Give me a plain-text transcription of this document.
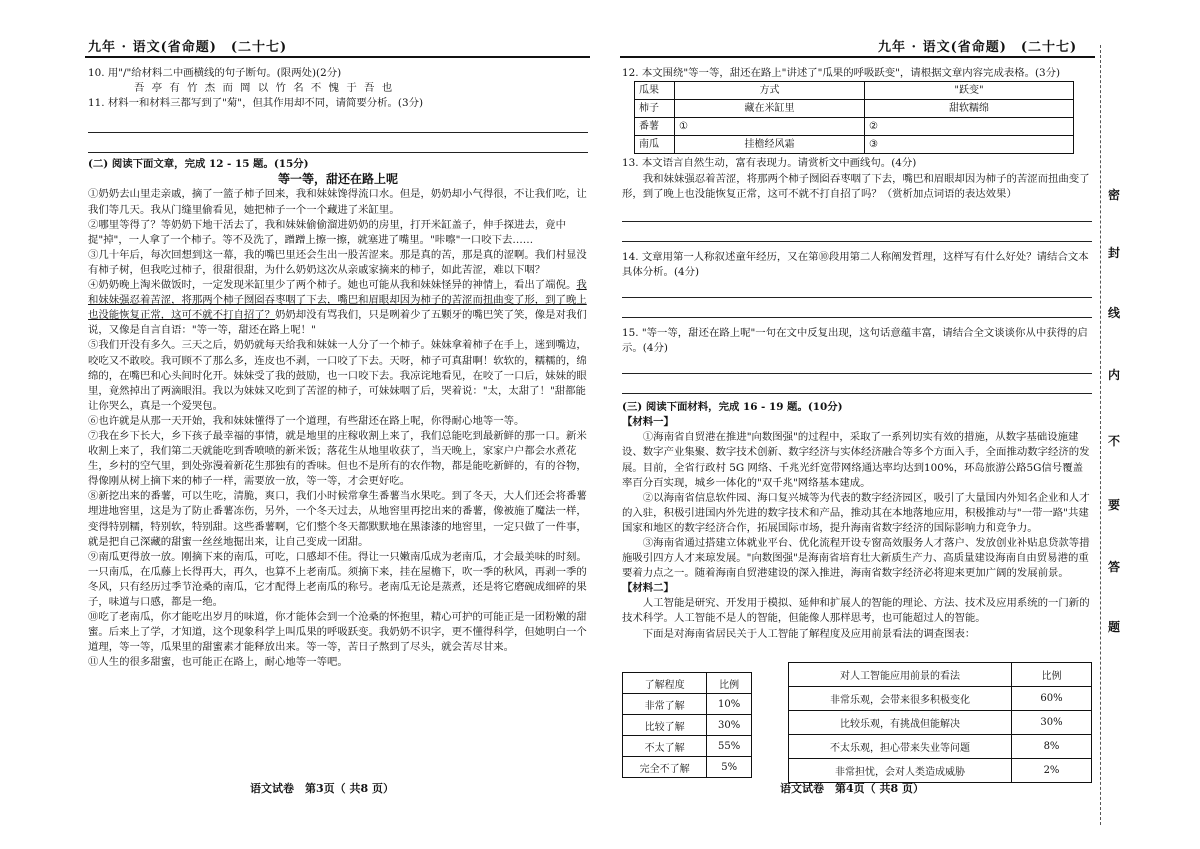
九年 · 语文(省命题)　(二十七)

10. 用"/"给材料二中画横线的句子断句。(限两处)(2分)

吾 亭 有 竹 杰 而 岡 以 竹 名 不 愧 于 吾 也

11. 材料一和材料三都写到了"菊"，但其作用却不同，请简要分析。(3分)

(二) 阅读下面文章，完成 12 - 15 题。(15分)

等一等，甜还在路上呢

①奶奶去山里走亲戚，摘了一篮子柿子回来，我和妹妹馋得流口水。但是，奶奶却小气得很，不让我们吃，让我们等几天。我从门缝里偷看见，她把柿子一个一个藏进了米缸里。

②哪里等得了？等奶奶下地干活去了，我和妹妹偷偷溜进奶奶的房里，打开米缸盖子，伸手探进去，竟中捉"掉"，一人拿了一个柿子。等不及洗了，蹭蹭上擦一擦，就塞进了嘴里。"咔嚓"一口咬下去……

③几十年后，每次回想到这一幕，我的嘴巴里还会生出一股苦涩来。那是真的苦，那是真的涩啊。我们村显没有柿子树，但我吃过柿子，很甜很甜，为什么奶奶这次从亲戚家摘来的柿子，如此苦涩，难以下咽？

④奶奶晚上淘米做饭时，一定发现米缸里少了两个柿子。她也可能从我和妹妹怪异的神情上，看出了端倪。我和妹妹强忍着苦涩，将那两个柿子囫囵吞枣咽了下去，嘴巴和眉眼却因为柿子的苦涩而扭曲变了形，到了晚上也没能恢复正常，这可不就不打自招了？奶奶却没有骂我们，只是咧着少了五颗牙的嘴巴笑了笑，像是对我们说，又像是自言自语："等一等，甜还在路上呢！"

⑤我们开没有多久。三天之后，奶奶就每天给我和妹妹一人分了一个柿子。妹妹拿着柿子在手上，迷到嘴边，咬吃又不敢咬。我可顾不了那么多，连皮也不剥，一口咬了下去。天呀，柿子可真甜啊！软软的，糯糯的，绵绵的，在嘴巴和心头间时化开。妹妹受了我的鼓励，也一口咬下去。我凉诧地看见，在咬了一口后，妹妹的眼里，竟然掉出了两滴眼泪。我以为妹妹又吃到了苦涩的柿子，可妹妹咽了后，哭着说："太，太甜了！"甜都能让你哭么，真是一个爱哭包。

⑥也许就是从那一天开始，我和妹妹懂得了一个道理，有些甜还在路上呢，你得耐心地等一等。

⑦我在乡下长大，乡下孩子最幸福的事情，就是地里的庄稼收割上来了，我们总能吃到最新鲜的那一口。新米收割上来了，我们第二天就能吃到香喷喷的新米饭；落花生从地里收获了，当天晚上，家家户户都会水煮花生，乡村的空气里，到处弥漫着新花生那独有的香味。但也不是所有的农作物，都是能吃新鲜的，有的谷物，得像刚从树上摘下来的柿子一样，需要放一放，等一等，才会更好吃。

⑧新挖出来的番薯，可以生吃，清脆，爽口，我们小时候常拿生番薯当水果吃。到了冬天，大人们还会将番薯埋进地窖里，这是为了防止番薯冻伤，另外，一个冬天过去，从地窖里再挖出来的番薯，像被施了魔法一样，变得特别糯，特别软，特别甜。这些番薯啊，它们整个冬天都默默地在黑漆漆的地窖里，一定只做了一件事，就是把自己深藏的甜蜜一丝丝地掘出来，让自己变成一团甜。

⑨南瓜更得放一放。刚摘下来的南瓜，可吃，口感却不佳。得让一只嫩南瓜成为老南瓜，才会最美味的时刻。一只南瓜，在瓜藤上长得再大，再久，也算不上老南瓜。须摘下来，挂在屋檐下，吹一季的秋风，再剥一季的冬风，只有经历过季节沧桑的南瓜，它才配得上老南瓜的称号。老南瓜无论是蒸煮，还是将它磨碗成细碎的果子，味道与口感，都是一绝。

⑩吃了老南瓜，你才能吃出岁月的味道，你才能体会到一个沧桑的怀抱里，精心可护的可能正是一团粉嫩的甜蜜。后来上了学，才知道，这个现象科学上叫瓜果的呼吸跃变。我奶奶不识字，更不懂得科学，但她明白一个道理，等一等，瓜果里的甜蜜素才能释放出来。等一等，苦日子熬到了尽头，就会苦尽甘来。

⑪人生的很多甜蜜，也可能正在路上，耐心地等一等吧。

语文试卷　第3页（ 共8 页）
九年 · 语文(省命题)　(二十七)

12. 本文围绕"等一等，甜还在路上"讲述了"瓜果的呼吸跃变"，请根据文章内容完成表格。(3分)

瓜果	方式	"跃变"
柿子	藏在米缸里	甜软糯绵
番薯	①	②
南瓜	挂檐经风霜	③

13. 本文语言自然生动，富有表现力。请赏析文中画线句。(4分)

我和妹妹强忍着苦涩，将那两个柿子囫囵吞枣咽了下去，嘴巴和眉眼却因为柿子的苦涩而扭曲变了形，到了晚上也没能恢复正常，这可不就不打自招了吗？（赏析加点词语的表达效果）

14. 文章用第一人称叙述童年经历，又在第⑩段用第二人称阐发哲理，这样写有什么好处？请结合文本具体分析。(4分)

15. "等一等，甜还在路上呢"一句在文中反复出现，这句话意蕴丰富，请结合全文谈谈你从中获得的启示。(4分)

(三) 阅读下面材料，完成 16 - 19 题。(10分)

【材料一】

①海南省自贸港在推进"向数图强"的过程中，采取了一系列切实有效的措施，从数字基础设施建设、数字产业集聚、数字技术创新、数字经济与实体经济融合等多个方面入手，全面推动数字经济的发展。目前，全省行政村 5G 网络、千兆光纤宽带网络通达率均达到100%，环岛旅游公路5G信号覆盖率百分百实现，城乡一体化的"双千兆"网络基本建成。

②以海南省信息软件园、海口复兴城等为代表的数字经济园区，吸引了大量国内外知名企业和人才的入驻，积极引进国内外先进的数字技术和产品，推动其在本地落地应用，积极推动与"一带一路"共建国家和地区的数字经济合作，拓展国际市场，提升海南省数字经济的国际影响力和竞争力。

③海南省通过搭建立体就业平台、优化流程开设专窗高效服务人才落户、发放创业补贴息贷款等措施吸引四方人才来琼发展。"向数图强"是海南省培育壮大新质生产力、高质量建设海南自由贸易港的重要着力点之一。随着海南自贸港建设的深入推进，海南省数字经济必将迎来更加广阔的发展前景。

【材料二】

人工智能是研究、开发用于模拟、延伸和扩展人的智能的理论、方法、技术及应用系统的一门新的技术科学。人工智能不是人的智能，但能像人那样思考，也可能超过人的智能。

下面是对海南省居民关于人工智能了解程度及应用前景看法的调查图表：

了解程度	比例
非常了解	10%
比较了解	30%
不太了解	55%
完全不了解	5%
对人工智能应用前景的看法	比例
非常乐观，会带来很多积极变化	60%
比较乐观，有挑战但能解决	30%
不太乐观，担心带来失业等问题	8%
非常担忧，会对人类造成威胁	2%
语文试卷　第4页（ 共8 页）
密
封
线
内
不
要
答
题
